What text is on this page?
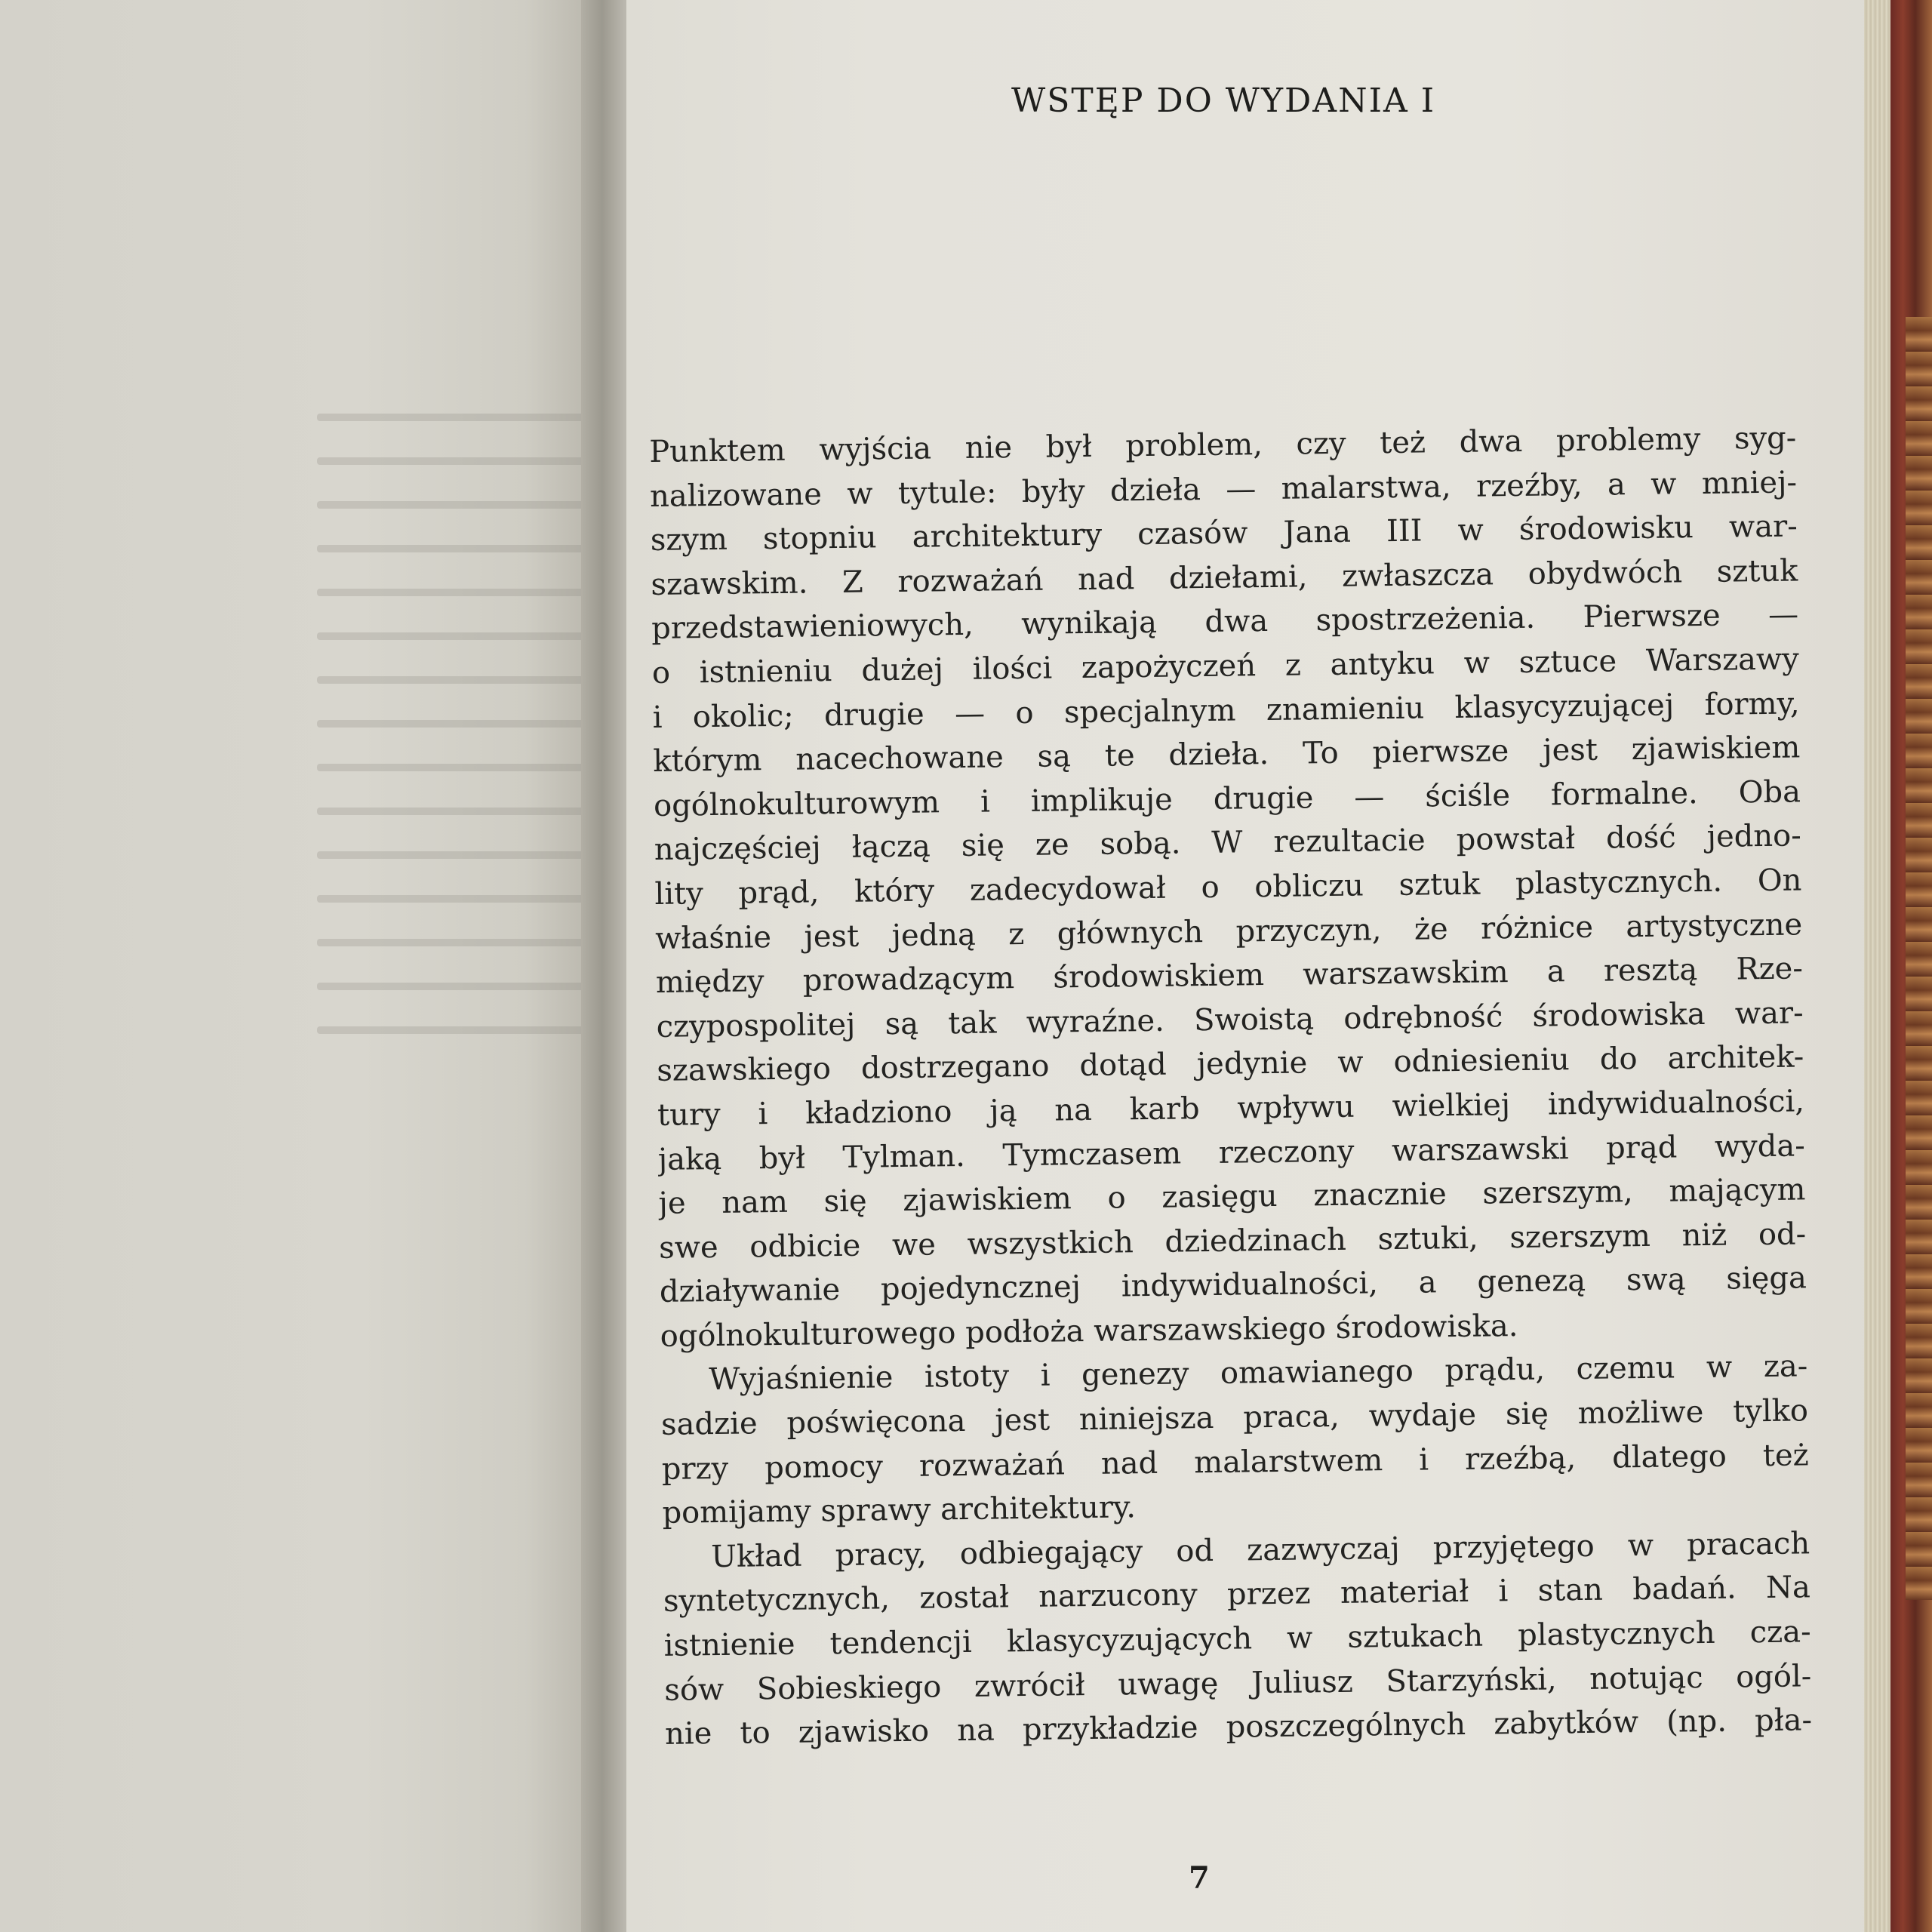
WSTĘP DO WYDANIA I
Punktem wyjścia nie był problem, czy też dwa problemy syg-
nalizowane w tytule: były dzieła — malarstwa, rzeźby, a w mniej-
szym stopniu architektury czasów Jana III w środowisku war-
szawskim. Z rozważań nad dziełami, zwłaszcza obydwóch sztuk
przedstawieniowych, wynikają dwa spostrzeżenia. Pierwsze —
o istnieniu dużej ilości zapożyczeń z antyku w sztuce Warszawy
i okolic; drugie — o specjalnym znamieniu klasycyzującej formy,
którym nacechowane są te dzieła. To pierwsze jest zjawiskiem
ogólnokulturowym i implikuje drugie — ściśle formalne. Oba
najczęściej łączą się ze sobą. W rezultacie powstał dość jedno-
lity prąd, który zadecydował o obliczu sztuk plastycznych. On
właśnie jest jedną z głównych przyczyn, że różnice artystyczne
między prowadzącym środowiskiem warszawskim a resztą Rze-
czypospolitej są tak wyraźne. Swoistą odrębność środowiska war-
szawskiego dostrzegano dotąd jedynie w odniesieniu do architek-
tury i kładziono ją na karb wpływu wielkiej indywidualności,
jaką był Tylman. Tymczasem rzeczony warszawski prąd wyda-
je nam się zjawiskiem o zasięgu znacznie szerszym, mającym
swe odbicie we wszystkich dziedzinach sztuki, szerszym niż od-
działywanie pojedyncznej indywidualności, a genezą swą sięga
ogólnokulturowego podłoża warszawskiego środowiska.
Wyjaśnienie istoty i genezy omawianego prądu, czemu w za-
sadzie poświęcona jest niniejsza praca, wydaje się możliwe tylko
przy pomocy rozważań nad malarstwem i rzeźbą, dlatego też
pomijamy sprawy architektury.
Układ pracy, odbiegający od zazwyczaj przyjętego w pracach
syntetycznych, został narzucony przez materiał i stan badań. Na
istnienie tendencji klasycyzujących w sztukach plastycznych cza-
sów Sobieskiego zwrócił uwagę Juliusz Starzyński, notując ogól-
nie to zjawisko na przykładzie poszczególnych zabytków (np. pła-
7
